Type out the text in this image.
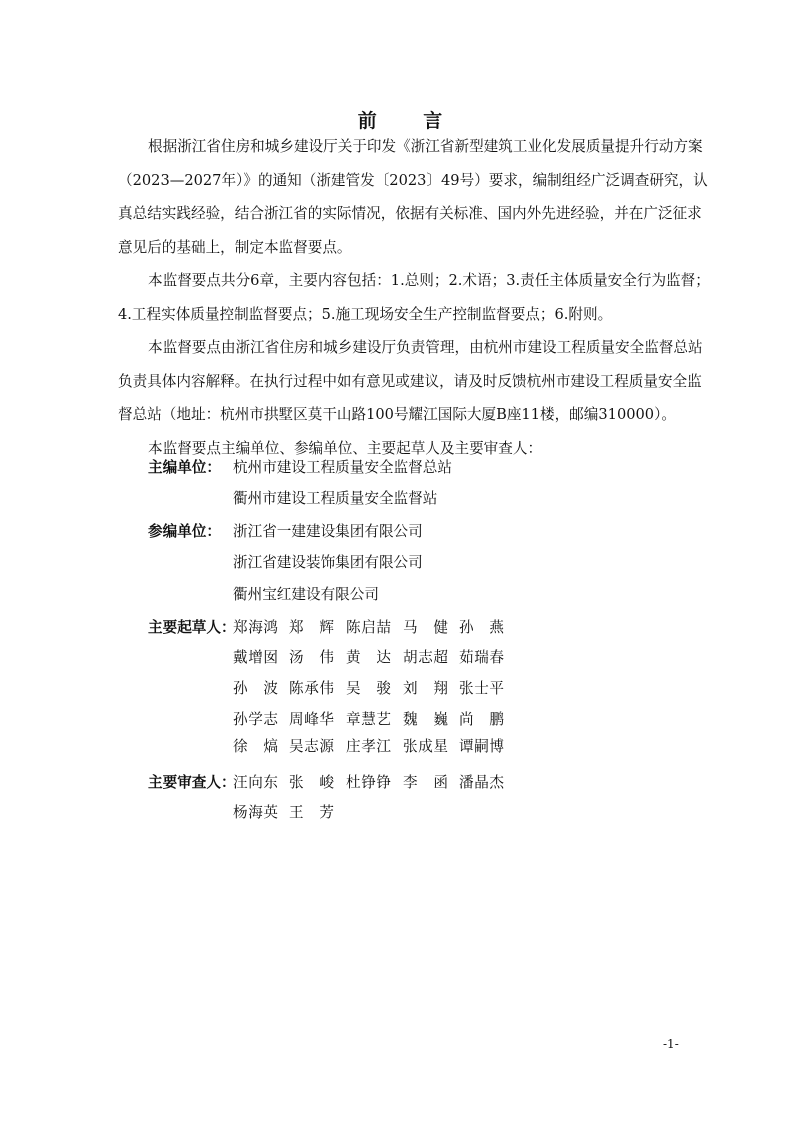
前 言
根据浙江省住房和城乡建设厅关于印发《浙江省新型建筑工业化发展质量提升行动方案
（2023—2027年）》的通知（浙建管发〔2023〕49号）要求，编制组经广泛调查研究，认
真总结实践经验，结合浙江省的实际情况，依据有关标准、国内外先进经验，并在广泛征求
意见后的基础上，制定本监督要点。
本监督要点共分6章，主要内容包括：1.总则；2.术语；3.责任主体质量安全行为监督；
4.工程实体质量控制监督要点；5.施工现场安全生产控制监督要点；6.附则。
本监督要点由浙江省住房和城乡建设厅负责管理，由杭州市建设工程质量安全监督总站
负责具体内容解释。在执行过程中如有意见或建议，请及时反馈杭州市建设工程质量安全监
督总站（地址：杭州市拱墅区莫干山路100号耀江国际大厦B座11楼，邮编310000）。
本监督要点主编单位、参编单位、主要起草人及主要审查人：
主编单位： 杭州市建设工程质量安全监督总站
衢州市建设工程质量安全监督站
参编单位： 浙江省一建建设集团有限公司
浙江省建设装饰集团有限公司
衢州宝红建设有限公司
主要起草人：
郑海鸿 郑 辉 陈启喆 马 健 孙 燕
戴增囡 汤 伟 黄 达 胡志超 茹瑞春
孙 波 陈承伟 吴 骏 刘 翔 张士平
孙学志 周峰华 章慧艺 魏 巍 尚 鹏
徐 熇 吴志源 庄孝江 张成星 谭嗣博
主要审查人：
汪向东 张 峻 杜铮铮 李 函 潘晶杰
杨海英 王 芳
-1-
